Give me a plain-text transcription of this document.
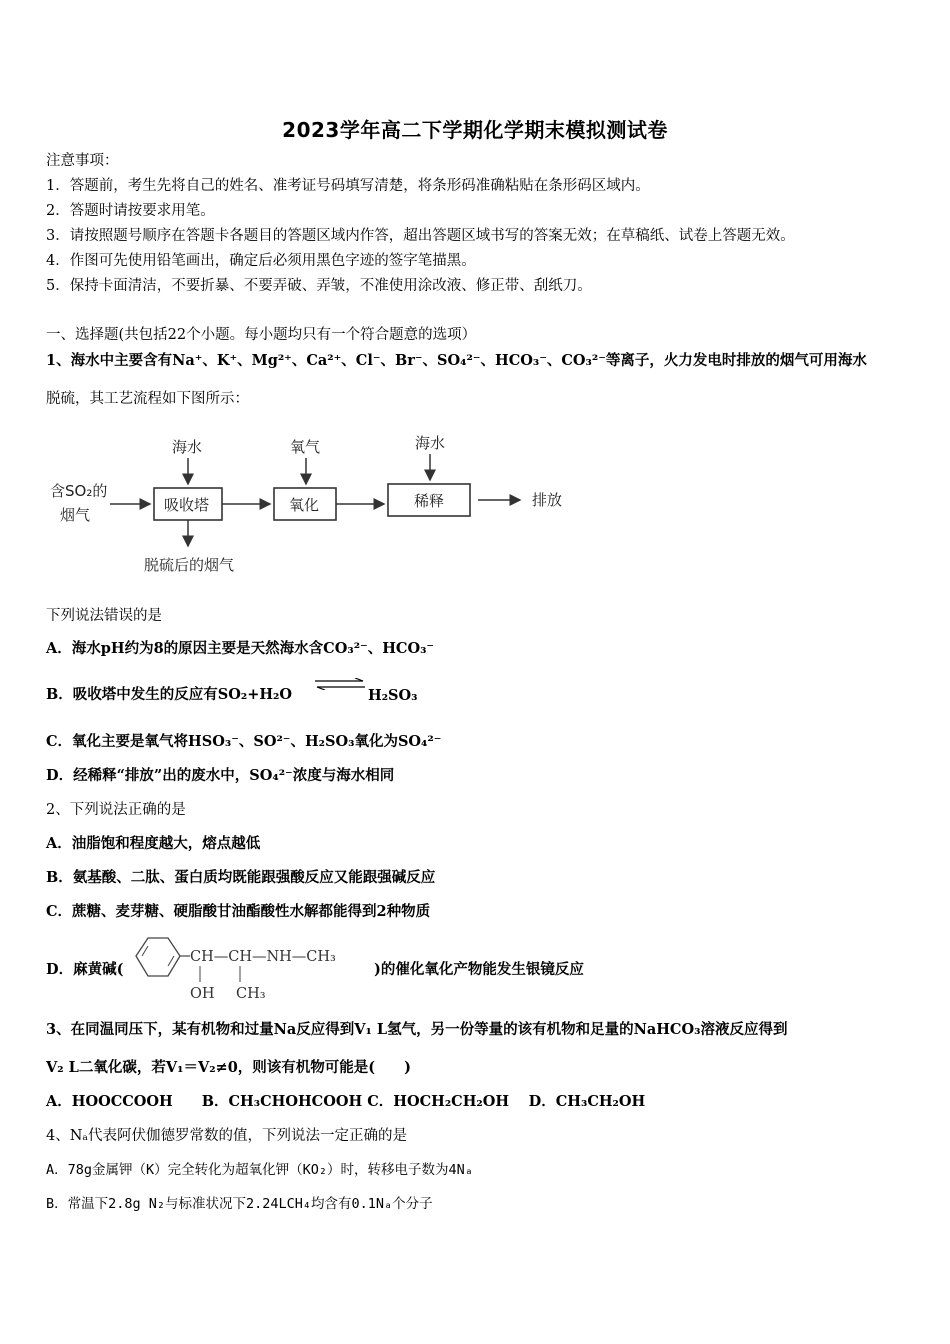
2023学年高二下学期化学期末模拟测试卷
注意事项：
1．答题前，考生先将自己的姓名、准考证号码填写清楚，将条形码准确粘贴在条形码区域内。
2．答题时请按要求用笔。
3．请按照题号顺序在答题卡各题目的答题区域内作答，超出答题区域书写的答案无效；在草稿纸、试卷上答题无效。
4．作图可先使用铅笔画出，确定后必须用黑色字迹的签字笔描黑。
5．保持卡面清洁，不要折暴、不要弄破、弄皱，不准使用涂改液、修正带、刮纸刀。
一、选择题(共包括22个小题。每小题均只有一个符合题意的选项）
1、海水中主要含有Na⁺、K⁺、Mg²⁺、Ca²⁺、Cl⁻、Br⁻、SO₄²⁻、HCO₃⁻、CO₃²⁻等离子，火力发电时排放的烟气可用海水
脱硫，其工艺流程如下图所示：
含SO₂的
烟气
吸收塔
海水
脱硫后的烟气
氧化
氧气
稀释
海水
排放
下列说法错误的是
A．海水pH约为8的原因主要是天然海水含CO₃²⁻、HCO₃⁻
B．吸收塔中发生的反应有SO₂+H₂O	H₂SO₃
C．氧化主要是氧气将HSO₃⁻、SO²⁻、H₂SO₃氧化为SO₄²⁻
D．经稀释“排放”出的废水中，SO₄²⁻浓度与海水相同
2、下列说法正确的是
A．油脂饱和程度越大，熔点越低
B．氨基酸、二肽、蛋白质均既能跟强酸反应又能跟强碱反应
C．蔗糖、麦芽糖、硬脂酸甘油酯酸性水解都能得到2种物质
D．麻黄碱(
CH—CH—NH—CH₃
OH CH₃
)的催化氧化产物能发生银镜反应
3、在同温同压下，某有机物和过量Na反应得到V₁ L氢气，另一份等量的该有机物和足量的NaHCO₃溶液反应得到
V₂ L二氧化碳，若V₁＝V₂≠0，则该有机物可能是(　　)
A．HOOCCOOH　　B．CH₃CHOHCOOH C．HOCH₂CH₂OH　 D．CH₃CH₂OH
4、Nₐ代表阿伏伽德罗常数的值，下列说法一定正确的是
A．78g金属钾（K）完全转化为超氧化钾（KO₂）时，转移电子数为4Nₐ
B．常温下2.8g N₂与标准状况下2.24LCH₄均含有0.1Nₐ个分子
